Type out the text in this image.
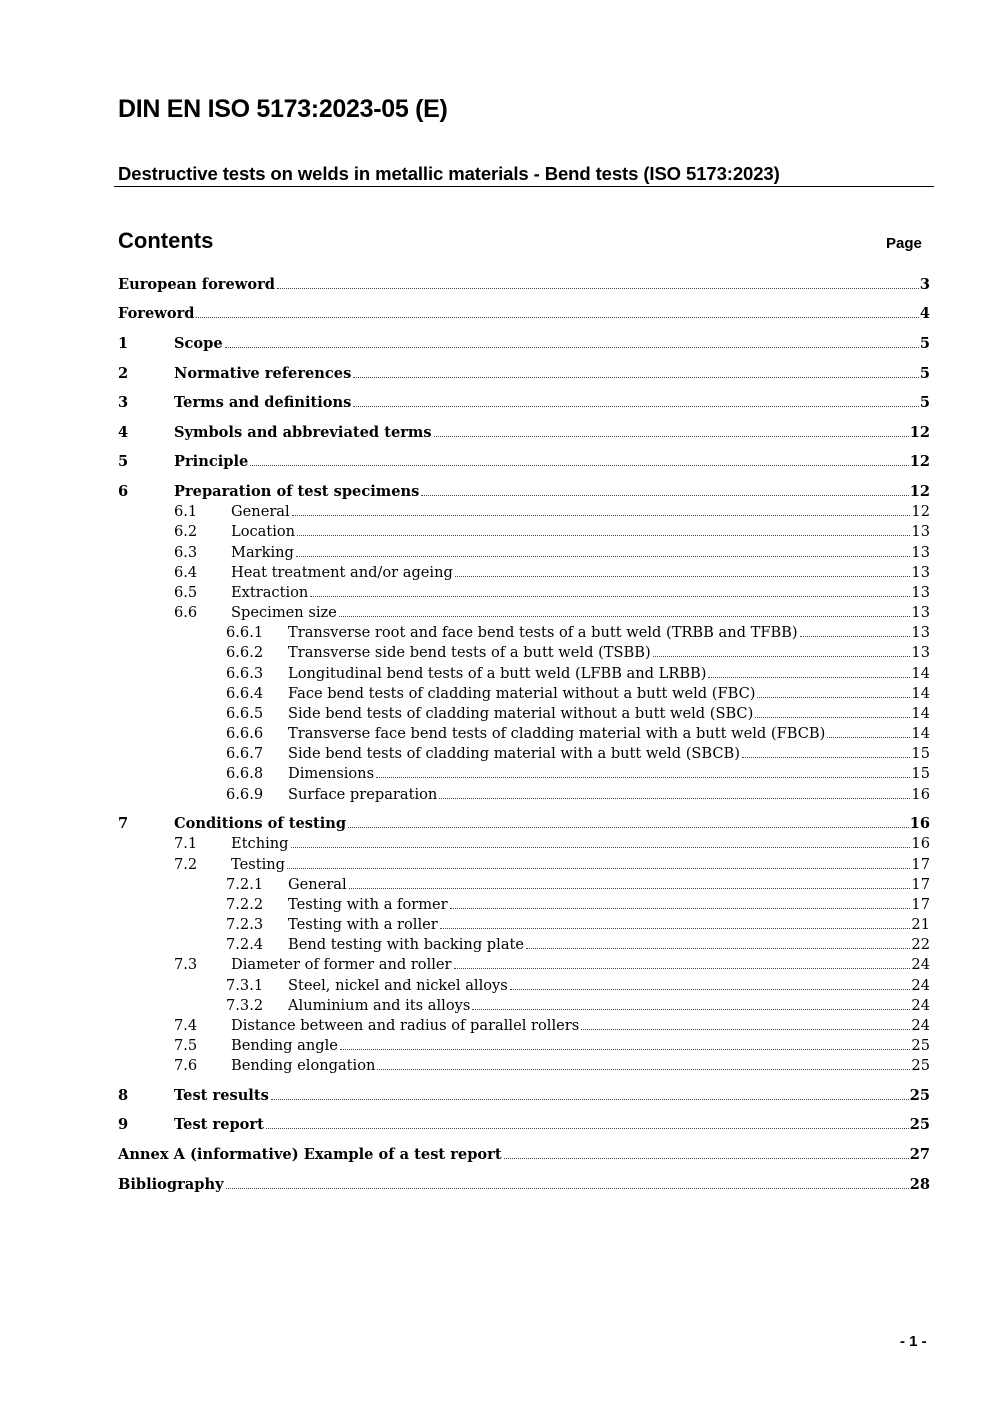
DIN EN ISO 5173:2023-05 (E)
Destructive tests on welds in metallic materials - Bend tests (ISO 5173:2023)
Contents	Page
European foreword	3
Foreword	4
1	Scope	5
2	Normative references	5
3	Terms and definitions	5
4	Symbols and abbreviated terms	12
5	Principle	12
6	Preparation of test specimens	12
6.1	General	12
6.2	Location	13
6.3	Marking	13
6.4	Heat treatment and/or ageing	13
6.5	Extraction	13
6.6	Specimen size	13
6.6.1	Transverse root and face bend tests of a butt weld (TRBB and TFBB)	13
6.6.2	Transverse side bend tests of a butt weld (TSBB)	13
6.6.3	Longitudinal bend tests of a butt weld (LFBB and LRBB)	14
6.6.4	Face bend tests of cladding material without a butt weld (FBC)	14
6.6.5	Side bend tests of cladding material without a butt weld (SBC)	14
6.6.6	Transverse face bend tests of cladding material with a butt weld (FBCB)	14
6.6.7	Side bend tests of cladding material with a butt weld (SBCB)	15
6.6.8	Dimensions	15
6.6.9	Surface preparation	16
7	Conditions of testing	16
7.1	Etching	16
7.2	Testing	17
7.2.1	General	17
7.2.2	Testing with a former	17
7.2.3	Testing with a roller	21
7.2.4	Bend testing with backing plate	22
7.3	Diameter of former and roller	24
7.3.1	Steel, nickel and nickel alloys	24
7.3.2	Aluminium and its alloys	24
7.4	Distance between and radius of parallel rollers	24
7.5	Bending angle	25
7.6	Bending elongation	25
8	Test results	25
9	Test report	25
Annex A (informative) Example of a test report	27
Bibliography	28
- 1 -
